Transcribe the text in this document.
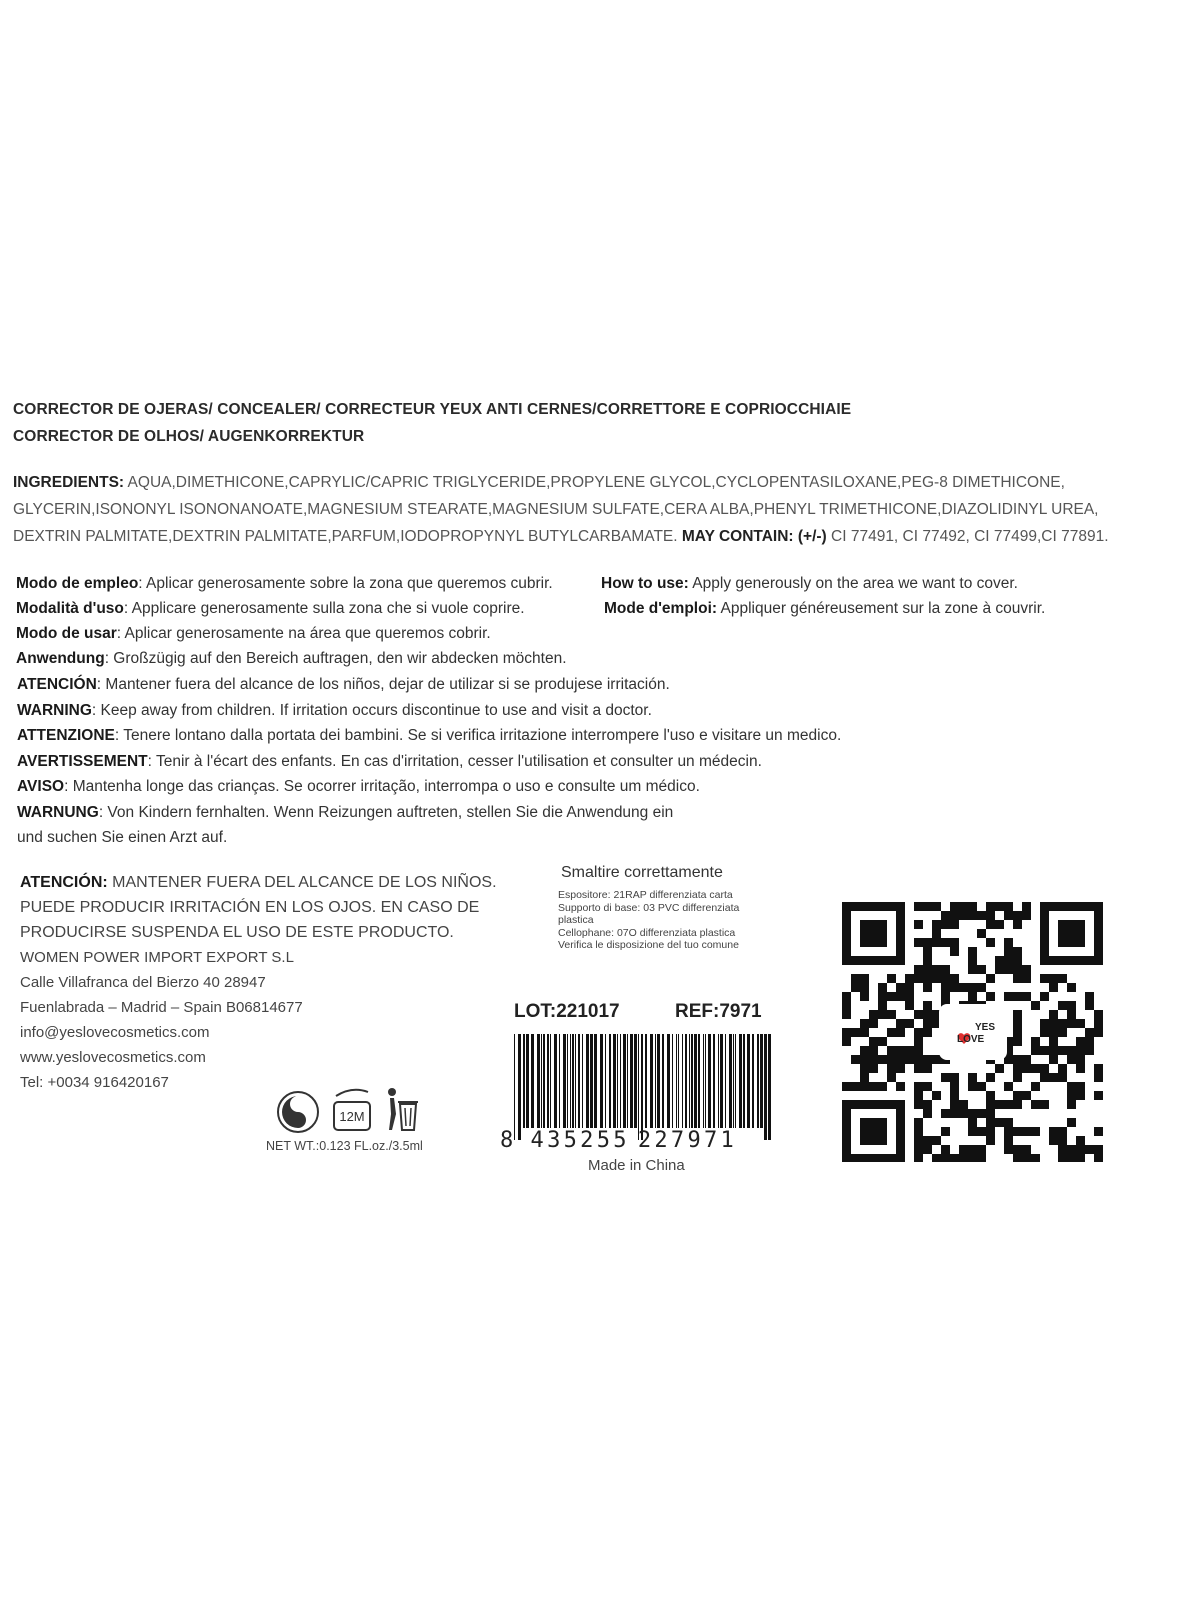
CORRECTOR DE OJERAS/ CONCEALER/ CORRECTEUR YEUX ANTI CERNES/CORRETTORE E COPRIOCCHIAIE
CORRECTOR DE OLHOS/ AUGENKORREKTUR
INGREDIENTS: AQUA,DIMETHICONE,CAPRYLIC/CAPRIC TRIGLYCERIDE,PROPYLENE GLYCOL,CYCLOPENTASILOXANE,PEG-8 DIMETHICONE,
GLYCERIN,ISONONYL ISONONANOATE,MAGNESIUM STEARATE,MAGNESIUM SULFATE,CERA ALBA,PHENYL TRIMETHICONE,DIAZOLIDINYL UREA,
DEXTRIN PALMITATE,DEXTRIN PALMITATE,PARFUM,IODOPROPYNYL BUTYLCARBAMATE. MAY CONTAIN: (+/-) CI 77491, CI 77492, CI 77499,CI 77891.
Modo de empleo: Aplicar generosamente sobre la zona que queremos cubrir.	How to use: Apply generously on the area we want to cover.
Modalità d'uso: Applicare generosamente sulla zona che si vuole coprire.	Mode d'emploi: Appliquer généreusement sur la zone à couvrir.
Modo de usar: Aplicar generosamente na área que queremos cobrir.
Anwendung: Großzügig auf den Bereich auftragen, den wir abdecken möchten.
ATENCIÓN: Mantener fuera del alcance de los niños, dejar de utilizar si se produjese irritación.
WARNING: Keep away from children. If irritation occurs discontinue to use and visit a doctor.
ATTENZIONE: Tenere lontano dalla portata dei bambini. Se si verifica irritazione interrompere l'uso e visitare un medico.
AVERTISSEMENT: Tenir à l'écart des enfants. En cas d'irritation, cesser l'utilisation et consulter un médecin.
AVISO: Mantenha longe das crianças. Se ocorrer irritação, interrompa o uso e consulte um médico.
WARNUNG: Von Kindern fernhalten. Wenn Reizungen auftreten, stellen Sie die Anwendung ein
und suchen Sie einen Arzt auf.
ATENCIÓN: MANTENER FUERA DEL ALCANCE DE LOS NIÑOS.
PUEDE PRODUCIR IRRITACIÓN EN LOS OJOS. EN CASO DE
PRODUCIRSE SUSPENDA EL USO DE ESTE PRODUCTO.
WOMEN POWER IMPORT EXPORT S.L
Calle Villafranca del Bierzo 40 28947
Fuenlabrada – Madrid – Spain B06814677
info@yeslovecosmetics.com
www.yeslovecosmetics.com
Tel: +0034 916420167
12M
NET WT.:0.123 FL.oz./3.5ml
Smaltire correttamente
Espositore: 21RAP differenziata carta
Supporto di base: 03 PVC differenziata
plastica
Cellophane: 07O differenziata plastica
Verifica le disposizione del tuo comune
LOT:221017	REF:7971
8 435255 227971
Made in China
YES
LOVE
